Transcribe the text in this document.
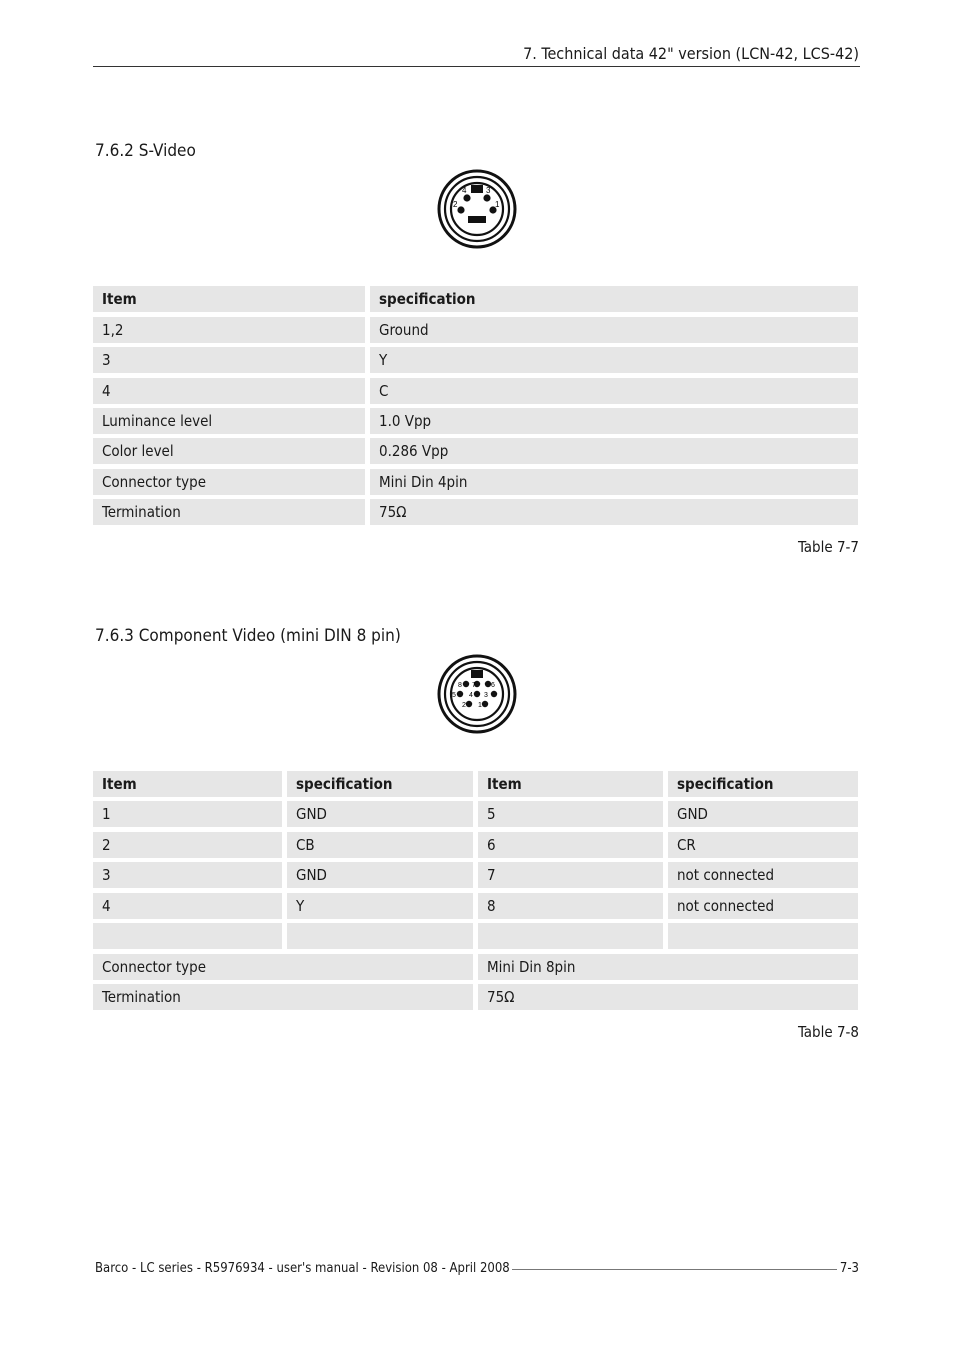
7. Technical data 42" version (LCN-42, LCS-42)
7.6.2 S-Video
4 3
2	1
Item	specification
1,2	Ground
3	Y
4	C
Luminance level	1.0 Vpp
Color level	0.286 Vpp
Connector type	Mini Din 4pin
Termination	75Ω
Table 7-7
7.6.3 Component Video (mini DIN 8 pin)
8 7 6
5 4 3
2 1
Item	specification	Item	specification
1	GND	5	GND
2	CB	6	CR
3	GND	7	not connected
4	Y	8	not connected
Connector type	Mini Din 8pin
Termination	75Ω
Table 7-8
Barco - LC series - R5976934 - user's manual - Revision 08 - April 2008	7-3
